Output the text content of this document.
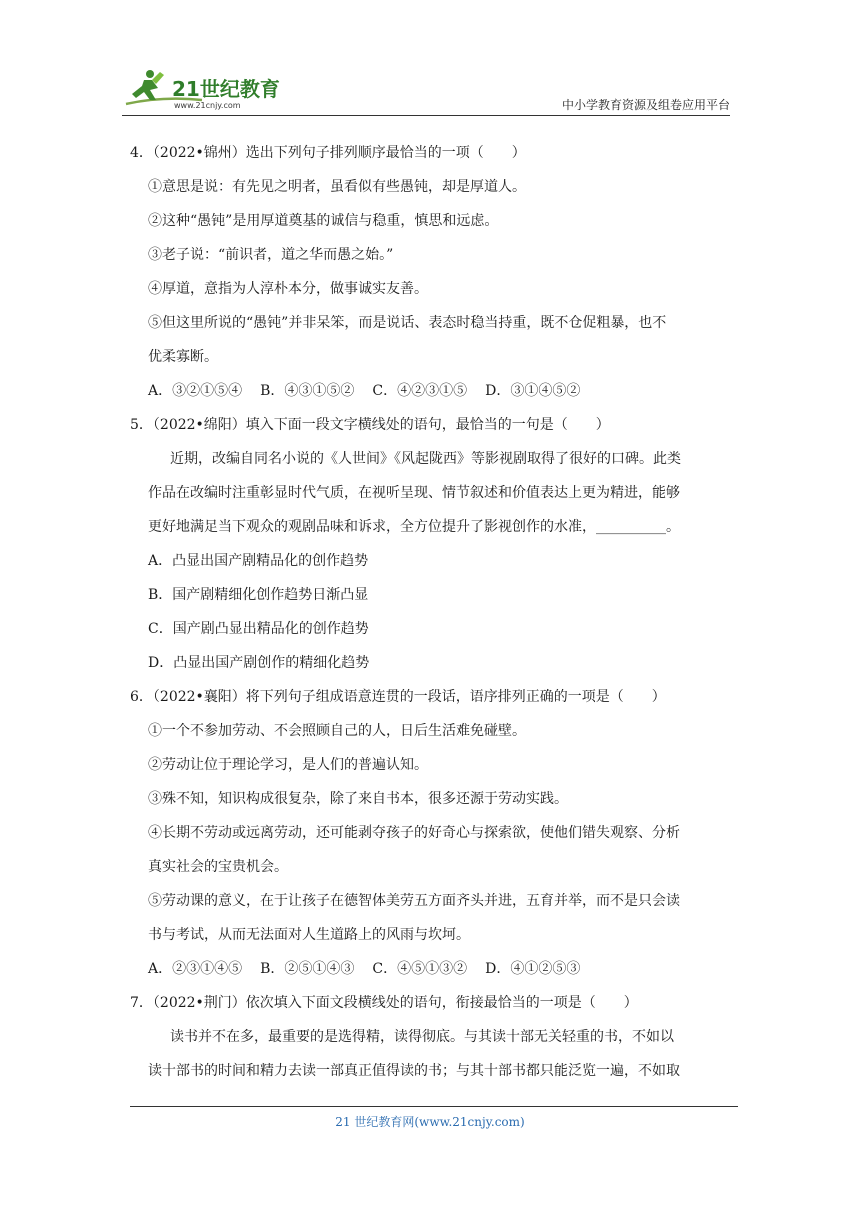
21世纪教育
www.21cnjy.com	中小学教育资源及组卷应用平台
4．（2022•锦州）选出下列句子排列顺序最恰当的一项（　　）
①意思是说：有先见之明者，虽看似有些愚钝，却是厚道人。
②这种“愚钝”是用厚道奠基的诚信与稳重，慎思和远虑。
③老子说：“前识者，道之华而愚之始。”
④厚道，意指为人淳朴本分，做事诚实友善。
⑤但这里所说的“愚钝”并非呆笨，而是说话、表态时稳当持重，既不仓促粗暴，也不
优柔寡断。
A．③②①⑤④ B．④③①⑤② C．④②③①⑤ D．③①④⑤②
5．（2022•绵阳）填入下面一段文字横线处的语句，最恰当的一句是（　　）
近期，改编自同名小说的《人世间》《风起陇西》等影视剧取得了很好的口碑。此类
作品在改编时注重彰显时代气质，在视听呈现、情节叙述和价值表达上更为精进，能够
更好地满足当下观众的观剧品味和诉求，全方位提升了影视创作的水准，__________。
A．凸显出国产剧精品化的创作趋势
B．国产剧精细化创作趋势日渐凸显
C．国产剧凸显出精品化的创作趋势
D．凸显出国产剧创作的精细化趋势
6．（2022•襄阳）将下列句子组成语意连贯的一段话，语序排列正确的一项是（　　）
①一个不参加劳动、不会照顾自己的人，日后生活难免碰壁。
②劳动让位于理论学习，是人们的普遍认知。
③殊不知，知识构成很复杂，除了来自书本，很多还源于劳动实践。
④长期不劳动或远离劳动，还可能剥夺孩子的好奇心与探索欲，使他们错失观察、分析
真实社会的宝贵机会。
⑤劳动课的意义，在于让孩子在德智体美劳五方面齐头并进，五育并举，而不是只会读
书与考试，从而无法面对人生道路上的风雨与坎坷。
A．②③①④⑤ B．②⑤①④③ C．④⑤①③② D．④①②⑤③
7．（2022•荆门）依次填入下面文段横线处的语句，衔接最恰当的一项是（　　）
读书并不在多，最重要的是选得精，读得彻底。与其读十部无关轻重的书，不如以
读十部书的时间和精力去读一部真正值得读的书；与其十部书都只能泛览一遍，不如取
21 世纪教育网(www.21cnjy.com)
